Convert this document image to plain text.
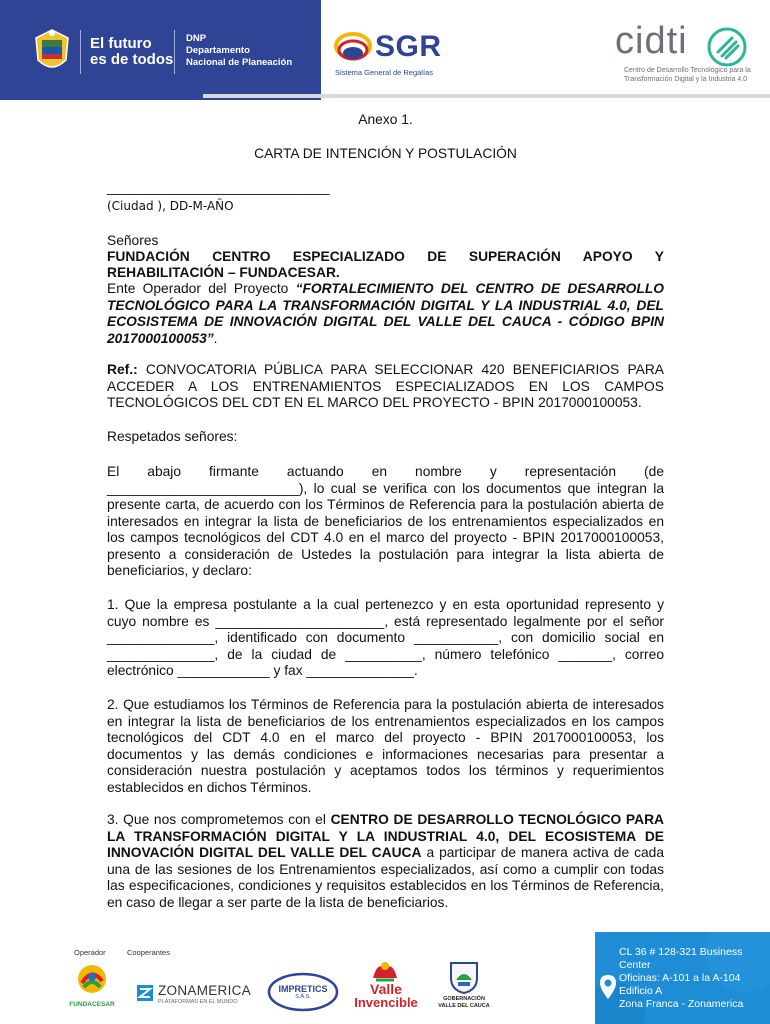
El futuro
es de todos
DNP
Departamento
Nacional de Planeación	SGR
Sistema General de Regalías
cidti
Centro de Desarrollo Tecnológico para la Transformación Digital y la Industria 4.0
Anexo 1.
CARTA DE INTENCIÓN Y POSTULACIÓN
_____________________________
(Ciudad ), DD-M-AÑO
Señores
FUNDACIÓN CENTRO ESPECIALIZADO DE SUPERACIÓN APOYO Y
REHABILITACIÓN – FUNDACESAR.
Ente Operador del Proyecto “FORTALECIMIENTO DEL CENTRO DE DESARROLLO TECNOLÓGICO PARA LA TRANSFORMACIÓN DIGITAL Y LA INDUSTRIAL 4.0, DEL ECOSISTEMA DE INNOVACIÓN DIGITAL DEL VALLE DEL CAUCA - CÓDIGO BPIN 2017000100053”.
Ref.: CONVOCATORIA PÚBLICA PARA SELECCIONAR 420 BENEFICIARIOS PARA ACCEDER A LOS ENTRENAMIENTOS ESPECIALIZADOS EN LOS CAMPOS TECNOLÓGICOS DEL CDT EN EL MARCO DEL PROYECTO - BPIN 2017000100053.
Respetados señores:
El abajo firmante actuando en nombre y representación (de _________________________), lo cual se verifica con los documentos que integran la presente carta, de acuerdo con los Términos de Referencia para la postulación abierta de interesados en integrar la lista de beneficiarios de los entrenamientos especializados en los campos tecnológicos del CDT 4.0 en el marco del proyecto - BPIN 2017000100053, presento a consideración de Ustedes la postulación para integrar la lista abierta de beneficiarios, y declaro:
1. Que la empresa postulante a la cual pertenezco y en esta oportunidad represento y cuyo nombre es ______________________, está representado legalmente por el señor ______________, identificado con documento ___________, con domicilio social en ______________, de la ciudad de __________, número telefónico _______, correo electrónico ____________ y fax ______________.
2. Que estudiamos los Términos de Referencia para la postulación abierta de interesados en integrar la lista de beneficiarios de los entrenamientos especializados en los campos tecnológicos del CDT 4.0 en el marco del proyecto - BPIN 2017000100053, los documentos y las demás condiciones e informaciones necesarias para presentar a consideración nuestra postulación y aceptamos todos los términos y requerimientos establecidos en dichos Términos.
3. Que nos comprometemos con el CENTRO DE DESARROLLO TECNOLÓGICO PARA LA TRANSFORMACIÓN DIGITAL Y LA INDUSTRIAL 4.0, DEL ECOSISTEMA DE INNOVACIÓN DIGITAL DEL VALLE DEL CAUCA a participar de manera activa de cada una de las sesiones de los Entrenamientos especializados, así como a cumplir con todas las especificaciones, condiciones y requisitos establecidos en los Términos de Referencia, en caso de llegar a ser parte de la lista de beneficiarios.
Operador	Cooperantes
FUNDACESAR
ZONAMERICA
PLATAFORMAS EN EL MUNDO
IMPRETICS
S.A.S.	Valle
Invencible	GOBERNACIÓN
VALLE DEL CAUCA
CL 36 # 128-321 Business
Center
Oficinas: A-101 a la A-104
Edificio A
Zona Franca - Zonamerica
